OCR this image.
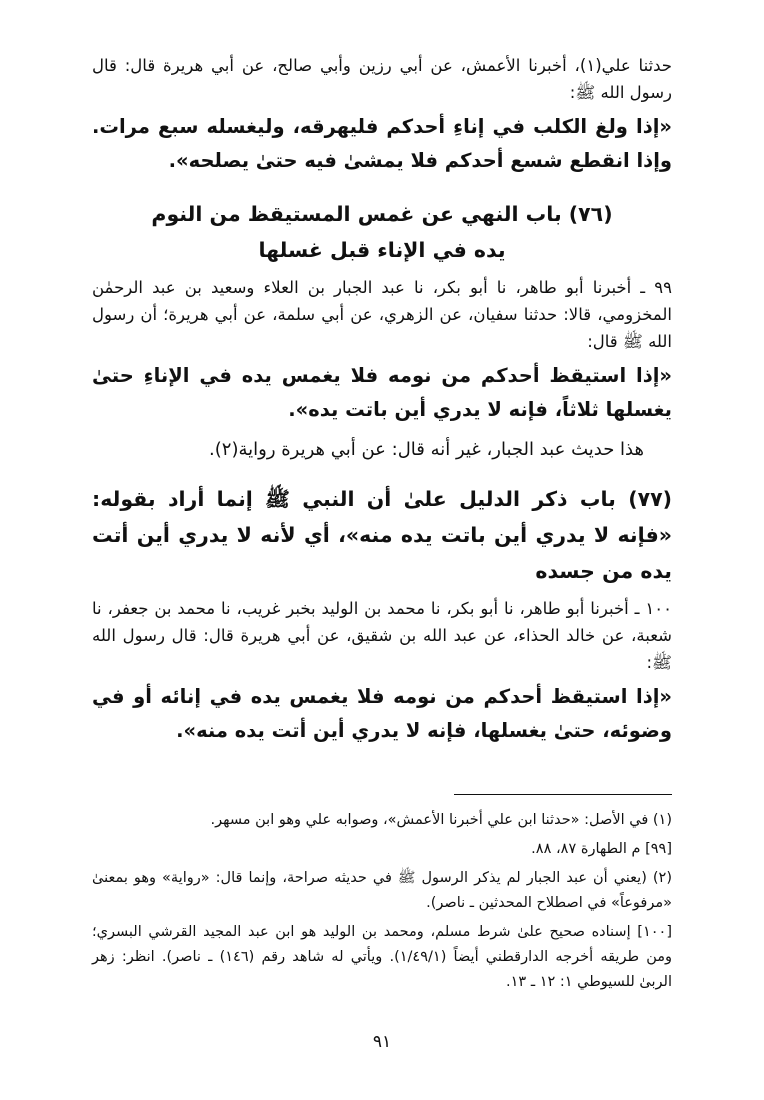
حدثنا علي(١)، أخبرنا الأعمش، عن أبي رزين وأبي صالح، عن أبي هريرة قال: قال رسول الله ﷺ:

«إذا ولغ الكلب في إناءِ أحدكم فليهرقه، وليغسله سبع مرات. وإذا انقطع شسع أحدكم فلا يمشىٰ فيه حتىٰ يصلحه».

(٧٦) باب النهي عن غمس المستيقظ من النوم

يده في الإناء قبل غسلها

٩٩ ـ أخبرنا أبو طاهر، نا أبو بكر، نا عبد الجبار بن العلاء وسعيد بن عبد الرحمٰن المخزومي، قالا: حدثنا سفيان، عن الزهري، عن أبي سلمة، عن أبي هريرة؛ أن رسول الله ﷺ قال:

«إذا استيقظ أحدكم من نومه فلا يغمس يده في الإناءِ حتىٰ يغسلها ثلاثاً، فإنه لا يدري أين باتت يده».

هذا حديث عبد الجبار، غير أنه قال: عن أبي هريرة رواية(٢).

(٧٧) باب ذكر الدليل علىٰ أن النبي ﷺ إنما أراد بقوله: «فإنه لا يدري أين باتت يده منه»، أي لأنه لا يدري أين أتت يده من جسده

١٠٠ ـ أخبرنا أبو طاهر، نا أبو بكر، نا محمد بن الوليد بخبر غريب، نا محمد بن جعفر، نا شعبة، عن خالد الحذاء، عن عبد الله بن شقيق، عن أبي هريرة قال: قال رسول الله ﷺ:

«إذا استيقظ أحدكم من نومه فلا يغمس يده في إنائه أو في وضوئه، حتىٰ يغسلها، فإنه لا يدري أين أتت يده منه».

(١) في الأصل: «حدثنا ابن علي أخبرنا الأعمش»، وصوابه علي وهو ابن مسهر.

[٩٩] م الطهارة ٨٧، ٨٨.

(٢) (يعني أن عبد الجبار لم يذكر الرسول ﷺ في حديثه صراحة، وإنما قال: «رواية» وهو بمعنىٰ «مرفوعاً» في اصطلاح المحدثين ـ ناصر).

[١٠٠] إسناده صحيح علىٰ شرط مسلم، ومحمد بن الوليد هو ابن عبد المجيد القرشي البسري؛ ومن طريقه أخرجه الدارقطني أيضاً (١/٤٩/١). ويأتي له شاهد رقم (١٤٦) ـ ناصر). انظر: زهر الربىٰ للسيوطي ١: ١٢ ـ ١٣.

٩١
